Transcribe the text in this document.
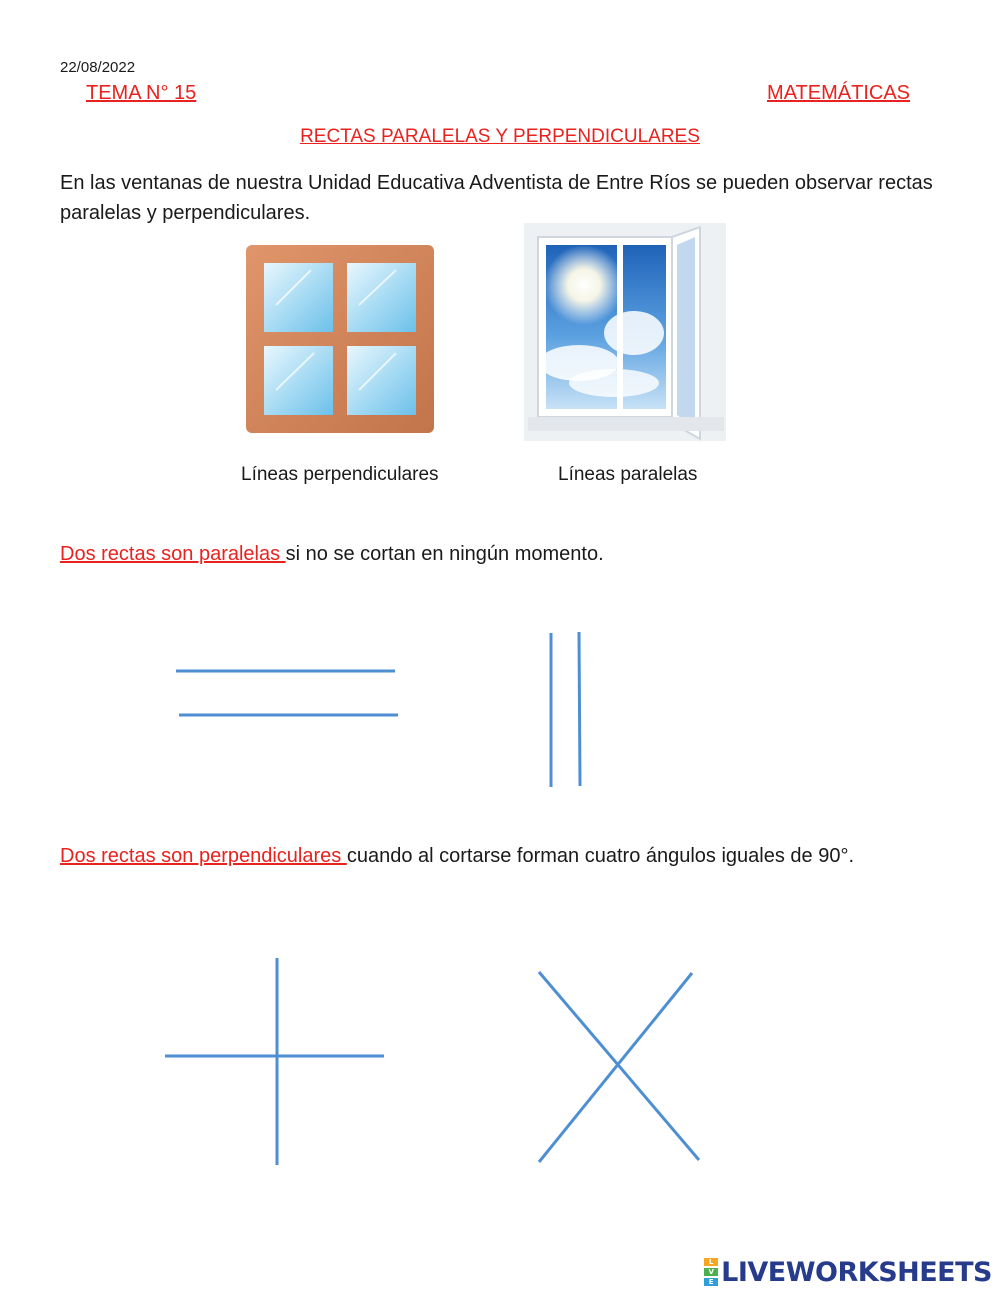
22/08/2022
TEMA N° 15	MATEMÁTICAS
RECTAS PARALELAS Y PERPENDICULARES
En las ventanas de nuestra Unidad Educativa Adventista de Entre Ríos se pueden observar rectas paralelas y perpendiculares.
Líneas perpendiculares	Líneas paralelas
Dos rectas son paralelas si no se cortan en ningún momento.
Dos rectas son perpendiculares cuando al cortarse forman cuatro ángulos iguales de 90°.
L
V
E LIVEWORKSHEETS
